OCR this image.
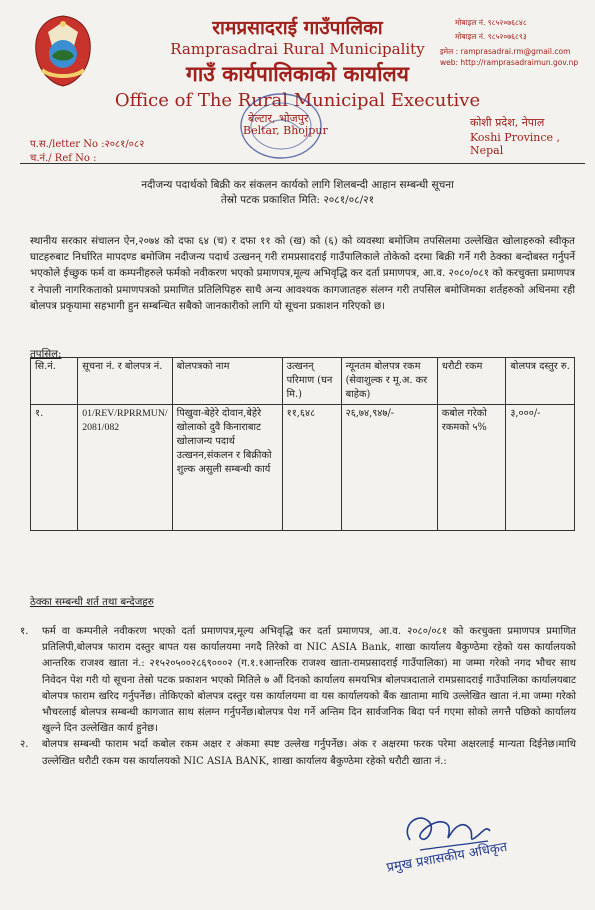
रामप्रसादराई गाउँपालिका
Ramprasadrai Rural Municipality
गाउँ कार्यपालिकाको कार्यालय
Office of The Rural Municipal Executive
बेल्टार, भोजपुर
Beltar, Bhojpur
मोबाइल नं. ९८५२०७६८४८
मोबाइल नं. ९८५२०७६८९३
इमेल : ramprasadrai.rm@gmail.com
web: http://ramprasadraimun.gov.np
कोशी प्रदेश, नेपाल
Koshi Province , Nepal
प.स./letter No :२०८१/०८२
च.नं./ Ref No :
नदीजन्य पदार्थको बिक्री कर संकलन कार्यको लागि शिलबन्दी आहान सम्बन्धी सूचना
तेस्रो पटक प्रकाशित मिति: २०८१/०८/२१
स्थानीय सरकार संचालन ऐन,२०७४ को दफा ६४ (च) र दफा ११ को (ख) को (६) को व्यवस्था बमोजिम तपसिलमा उल्लेखित खोलाहरुको स्वीकृत घाटहरुबाट निर्धारित मापदण्ड बमोजिम नदीजन्य पदार्थ उत्खनन् गरी रामप्रसादराई गाउँपालिकाले तोकेको दरमा बिक्री गर्ने गरी ठेक्का बन्दोबस्त गर्नुपर्ने भएकोले ईच्छुक फर्म वा कम्पनीहरुले फर्मको नवीकरण भएको प्रमाणपत्र,मूल्य अभिवृद्धि कर दर्ता प्रमाणपत्र, आ.व. २०८०/०८१ को करचुक्ता प्रमाणपत्र र नेपाली नागरिकताको प्रमाणपत्रको प्रमाणित प्रतिलिपिहरु साथै अन्य आवश्यक कागजातहरु संलग्न गरी तपसिल बमोजिमका शर्तहरुको अधिनमा रही बोलपत्र प्रकृयामा सहभागी हुन सम्बन्धित सबैको जानकारीको लागि यो सूचना प्रकाशन गरिएको छ।
तपसिल:
सि.नं.	सूचना नं. र बोलपत्र नं.	बोलपत्रको नाम	उत्खनन् परिमाण (घन मि.)	न्यूनतम बोलपत्र रकम (सेवाशुल्क र मू.अ. कर बाहेक)	धरौटी रकम	बोलपत्र दस्तुर रु.
१.	01/REV/RPRRMUN/ 2081/082	पिखुवा-बेहेरे दोवान,बेहेरे खोलाको दुवै किनाराबाट खोलाजन्य पदार्थ उत्खनन,संकलन र बिक्रीको शुल्क असुली सम्बन्धी कार्य	११,६४८	२६,७४,९४७/-	कबोल गरेको रकमको ५%	३,०००/-
ठेक्का सम्बन्धी शर्त तथा बन्देजहरु
१.	फर्म वा कम्पनीले नवीकरण भएको दर्ता प्रमाणपत्र,मूल्य अभिवृद्धि कर दर्ता प्रमाणपत्र, आ.व. २०८०/०८१ को करचुक्ता प्रमाणपत्र प्रमाणित प्रतिलिपी,बोलपत्र फाराम दस्तुर बापत यस कार्यालयमा नगदै तिरेको वा NIC ASIA Bank, शाखा कार्यालय बैकुण्ठेमा रहेको यस कार्यालयको आन्तरिक राजश्व खाता नं.: २१५२०५००२८६९०००२ (ग.१.१आन्तरिक राजश्व खाता-रामप्रसादराई गाउँपालिका) मा जम्मा गरेको नगद भौचर साथ निवेदन पेश गरी यो सूचना तेस्रो पटक प्रकाशन भएको मितिले ७ औं दिनको कार्यालय समयभित्र बोलपत्रदाताले रामप्रसादराई गाउँपालिका कार्यालयबाट बोलपत्र फाराम खरिद गर्नुपर्नेछ। तोकिएको बोलपत्र दस्तुर यस कार्यालयमा वा यस कार्यालयको बैंक खातामा माथि उल्लेखित खाता नं.मा जम्मा गरेको भौचरलाई बोलपत्र सम्बन्धी कागजात साथ संलग्न गर्नुपर्नेछ।बोलपत्र पेश गर्ने अन्तिम दिन सार्वजनिक बिदा पर्न गएमा सोको लगत्तै पछिको कार्यालय खुल्ने दिन उल्लेखित कार्य हुनेछ।
२.	बोलपत्र सम्बन्धी फाराम भर्दा कबोल रकम अक्षर र अंकमा स्पष्ट उल्लेख गर्नुपर्नेछ। अंक र अक्षरमा फरक परेमा अक्षरलाई मान्यता दिईनेछ।माथि उल्लेखित धरौटी रकम यस कार्यालयको NIC ASIA BANK, शाखा कार्यालय बैकुण्ठेमा रहेको धरौटी खाता नं.:
प्रमुख प्रशासकीय अधिकृत
